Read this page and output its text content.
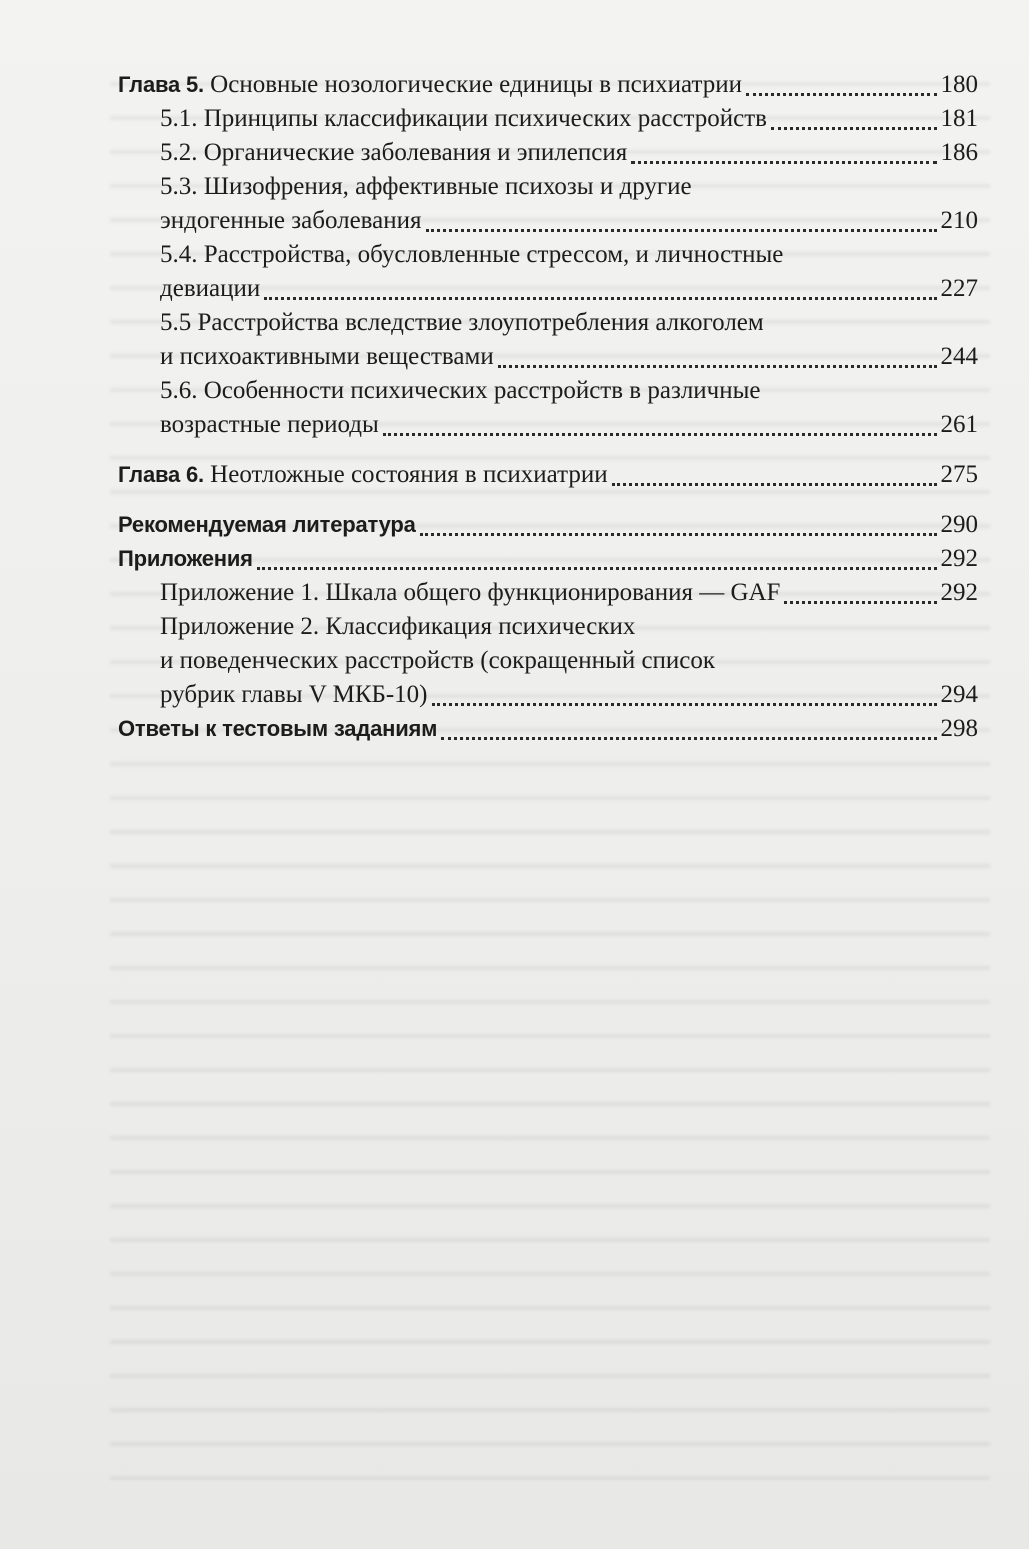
Глава 5. Основные нозологические единицы в психиатрии	180
5.1. Принципы классификации психических расстройств	181
5.2. Органические заболевания и эпилепсия	186
5.3. Шизофрения, аффективные психозы и другие
эндогенные заболевания	210
5.4. Расстройства, обусловленные стрессом, и личностные
девиации	227
5.5 Расстройства вследствие злоупотребления алкоголем
и психоактивными веществами	244
5.6. Особенности психических расстройств в различные
возрастные периоды	261
Глава 6. Неотложные состояния в психиатрии	275
Рекомендуемая литература	290
Приложения	292
Приложение 1. Шкала общего функционирования — GAF	292
Приложение 2. Классификация психических
и поведенческих расстройств (сокращенный список
рубрик главы V МКБ-10)	294
Ответы к тестовым заданиям	298
